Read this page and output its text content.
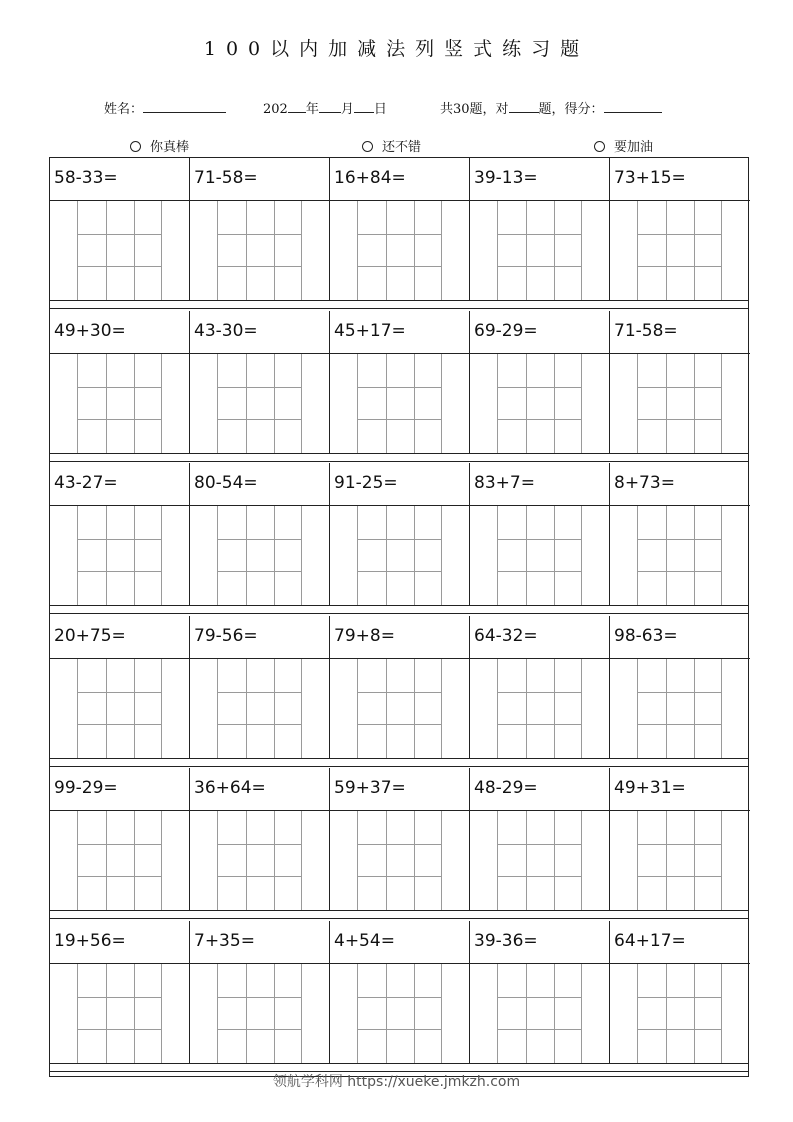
100以内加减法列竖式练习题
姓名：	202 年 月 日	共30题，对 题，得分：
你真棒	还不错	要加油
58-33=	71-58=	16+84=	39-13=	73+15=
49+30=	43-30=	45+17=	69-29=	71-58=
43-27=	80-54=	91-25=	83+7=	8+73=
20+75=	79-56=	79+8=	64-32=	98-63=
99-29=	36+64=	59+37=	48-29=	49+31=
19+56=	7+35=	4+54=	39-36=	64+17=
领航学科网 https://xueke.jmkzh.com
